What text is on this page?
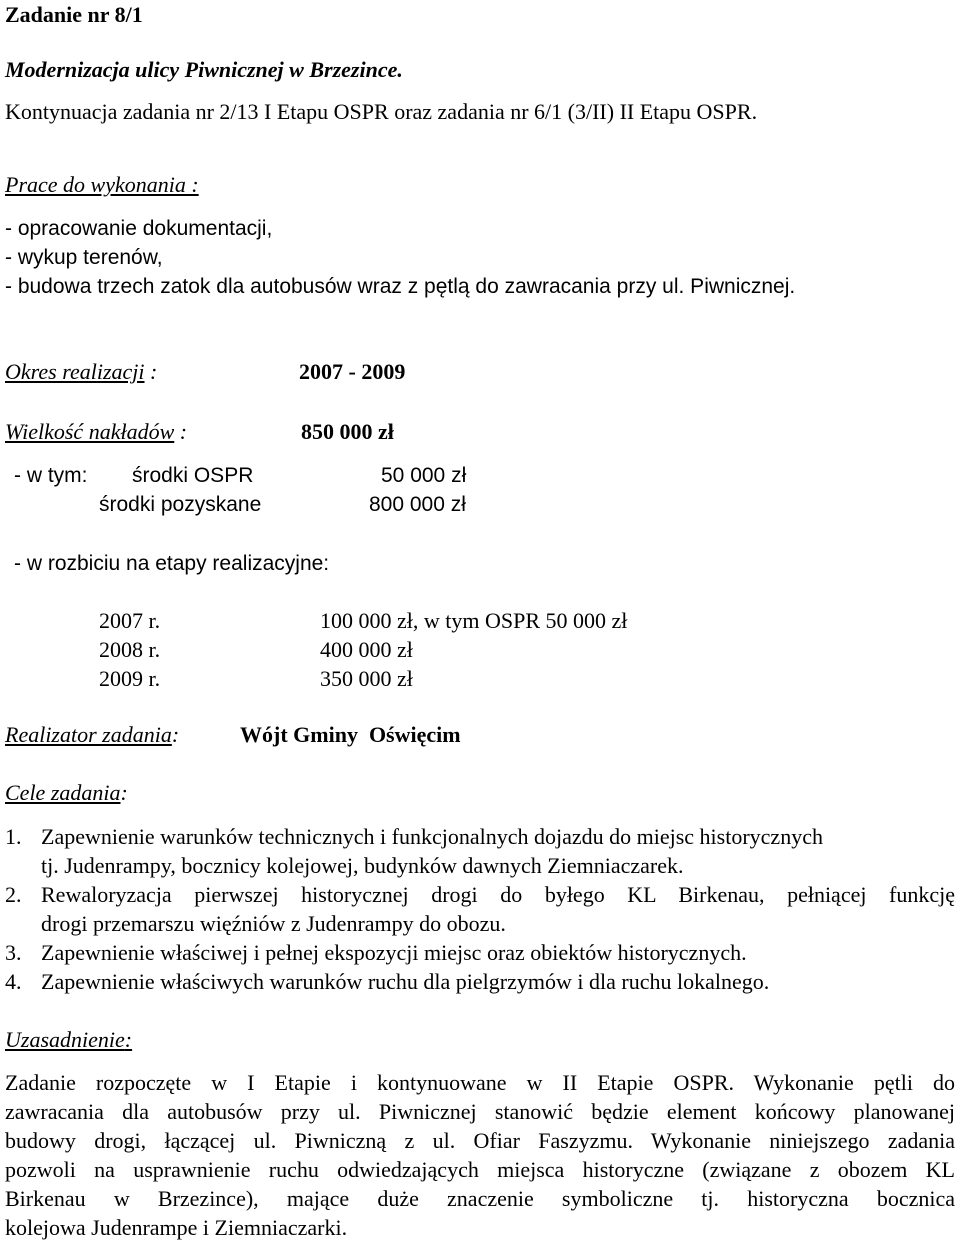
Zadanie nr 8/1
Modernizacja ulicy Piwnicznej w Brzezince.
Kontynuacja zadania nr 2/13 I Etapu OSPR oraz zadania nr 6/1 (3/II) II Etapu OSPR.
Prace do wykonania :
- opracowanie dokumentacji,
- wykup terenów,
- budowa trzech zatok dla autobusów wraz z pętlą do zawracania przy ul. Piwnicznej.
Okres realizacji :	2007 - 2009
Wielkość nakładów :	850 000 zł
- w tym: środki OSPR	50 000 zł
środki pozyskane	800 000 zł
- w rozbiciu na etapy realizacyjne:
2007 r.	100 000 zł, w tym OSPR 50 000 zł
2008 r.	400 000 zł
2009 r.	350 000 zł
Realizator zadania:	Wójt Gminy  Oświęcim
Cele zadania:
1. Zapewnienie warunków technicznych i funkcjonalnych dojazdu do miejsc historycznych
tj. Judenrampy, bocznicy kolejowej, budynków dawnych Ziemniaczarek.
2. Rewaloryzacja pierwszej historycznej drogi do byłego KL Birkenau, pełniącej funkcję
drogi przemarszu więźniów z Judenrampy do obozu.
3. Zapewnienie właściwej i pełnej ekspozycji miejsc oraz obiektów historycznych.
4. Zapewnienie właściwych warunków ruchu dla pielgrzymów i dla ruchu lokalnego.
Uzasadnienie:
Zadanie rozpoczęte w I Etapie i kontynuowane w II Etapie OSPR. Wykonanie pętli do
zawracania dla autobusów przy ul. Piwnicznej stanowić będzie element końcowy planowanej
budowy drogi, łączącej ul. Piwniczną z ul. Ofiar Faszyzmu. Wykonanie niniejszego zadania
pozwoli na usprawnienie ruchu odwiedzających miejsca historyczne (związane z obozem KL
Birkenau w Brzezince), mające duże znaczenie symboliczne tj. historyczna bocznica
kolejowa Judenrampe i Ziemniaczarki.
